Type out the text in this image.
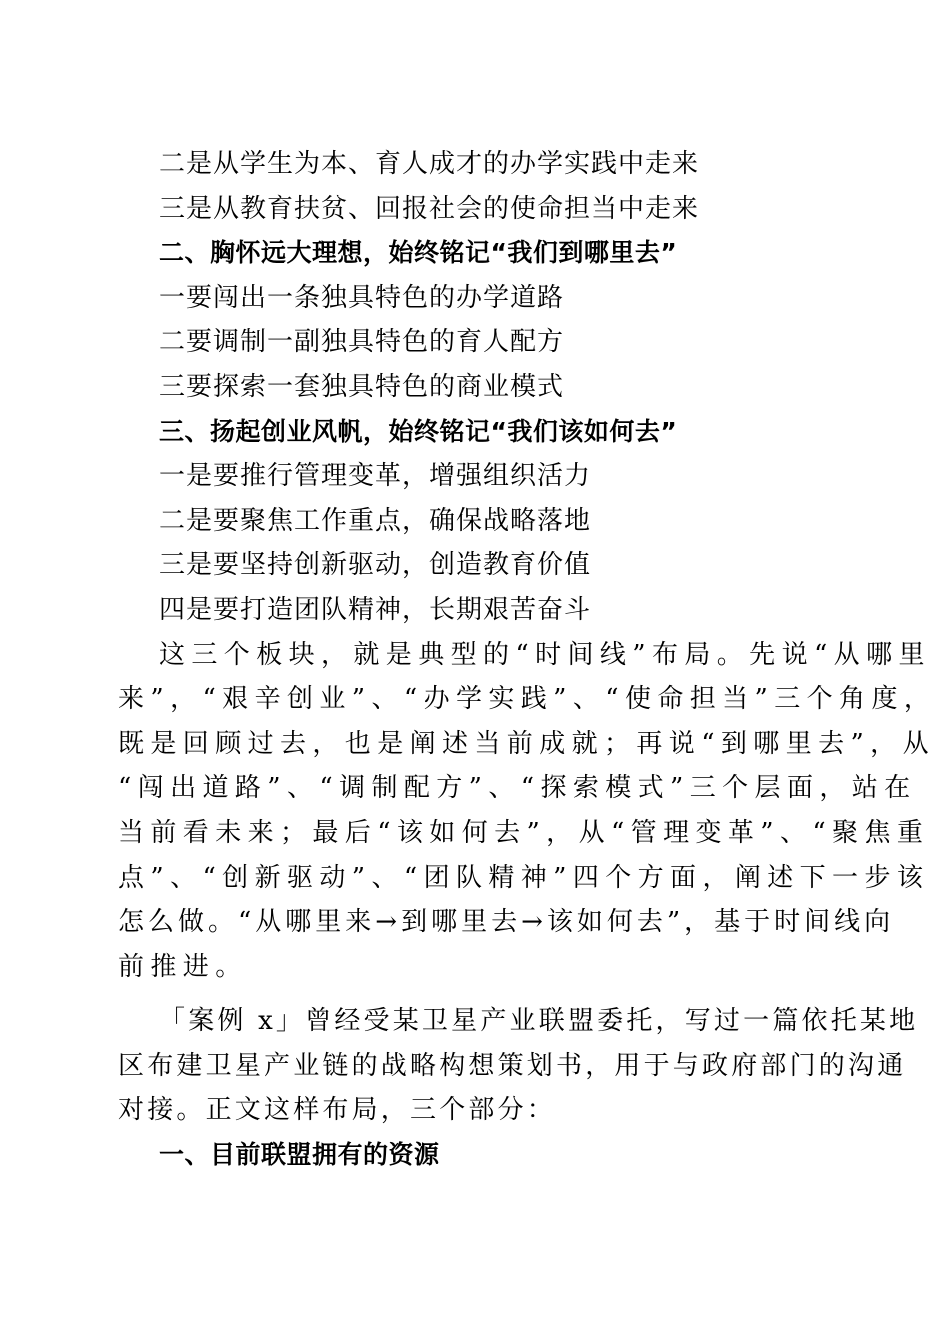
二是从学生为本、育人成才的办学实践中走来
三是从教育扶贫、回报社会的使命担当中走来
二、胸怀远大理想，始终铭记“我们到哪里去”
一要闯出一条独具特色的办学道路
二要调制一副独具特色的育人配方
三要探索一套独具特色的商业模式
三、扬起创业风帆，始终铭记“我们该如何去”
一是要推行管理变革，增强组织活力
二是要聚焦工作重点，确保战略落地
三是要坚持创新驱动，创造教育价值
四是要打造团队精神，长期艰苦奋斗
这三个板块，就是典型的“时间线”布局。先说“从哪里
来”，“艰辛创业”、“办学实践”、“使命担当”三个角度，
既是回顾过去，也是阐述当前成就；再说“到哪里去”，从
“闯出道路”、“调制配方”、“探索模式”三个层面，站在
当前看未来；最后“该如何去”，从“管理变革”、“聚焦重
点”、“创新驱动”、“团队精神”四个方面，阐述下一步该
怎么做。“从哪里来→到哪里去→该如何去”，基于时间线向
前推进。
「案例 x」曾经受某卫星产业联盟委托，写过一篇依托某地
区布建卫星产业链的战略构想策划书，用于与政府部门的沟通
对接。正文这样布局，三个部分：
一、目前联盟拥有的资源
